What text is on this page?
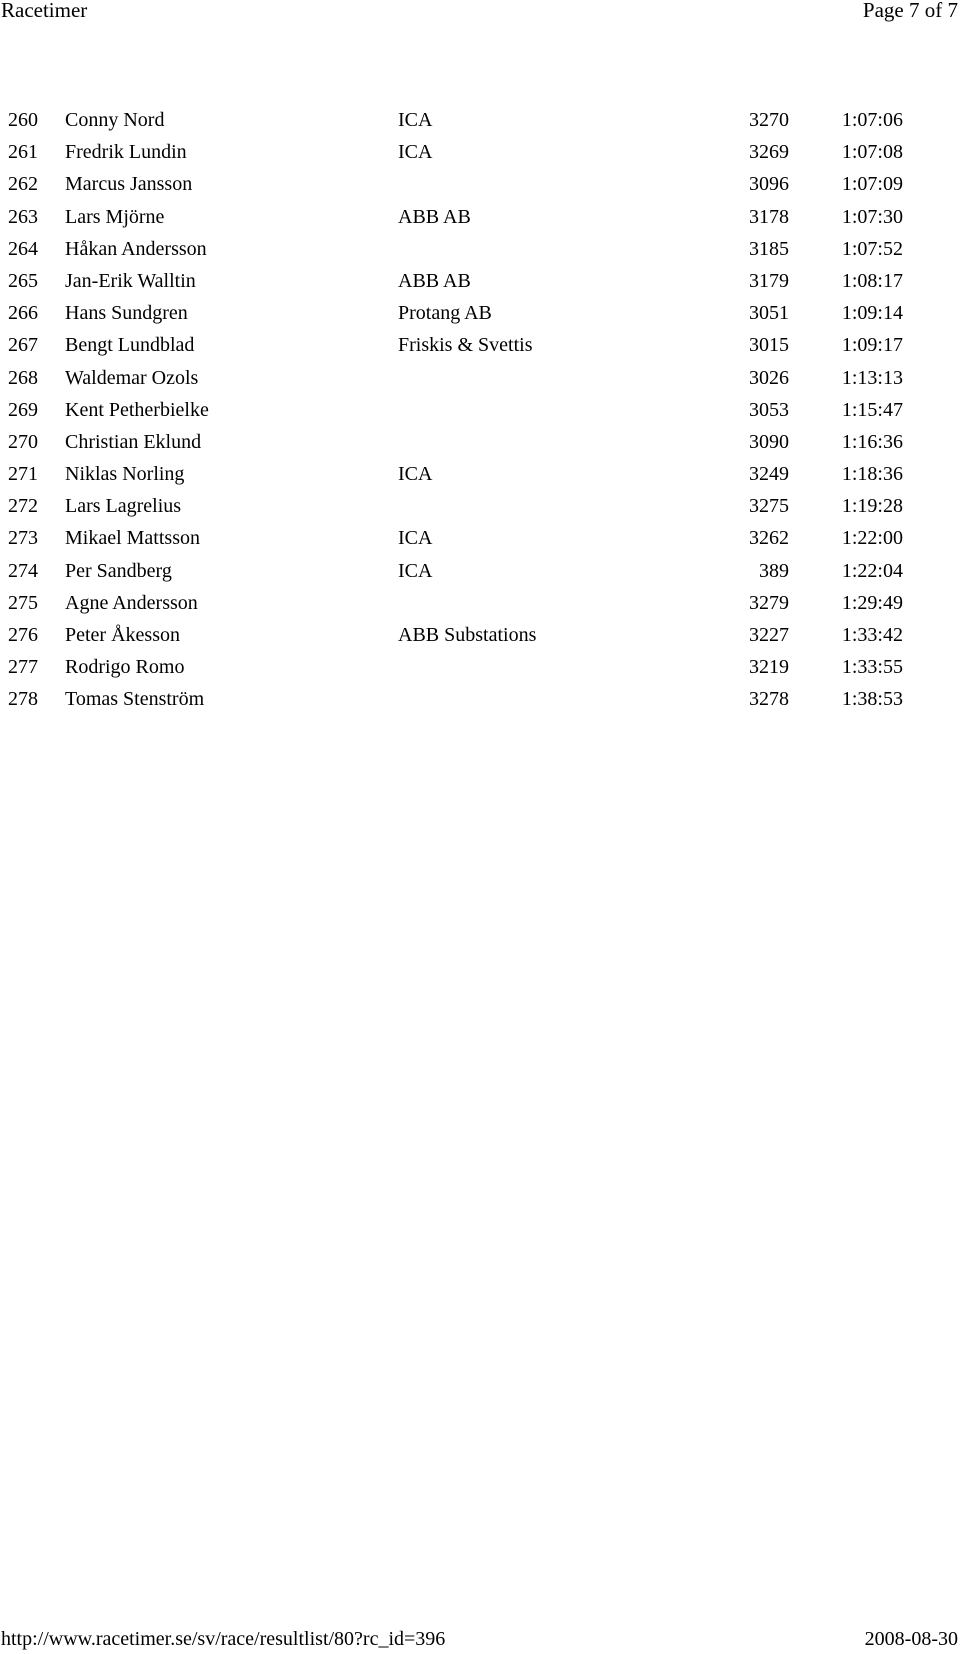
Racetimer	Page 7 of 7
260 Conny Nord	ICA	3270	1:07:06
261 Fredrik Lundin	ICA	3269	1:07:08
262 Marcus Jansson	3096	1:07:09
263 Lars Mjörne	ABB AB	3178	1:07:30
264 Håkan Andersson	3185	1:07:52
265 Jan-Erik Walltin	ABB AB	3179	1:08:17
266 Hans Sundgren	Protang AB	3051	1:09:14
267 Bengt Lundblad	Friskis & Svettis	3015	1:09:17
268 Waldemar Ozols	3026	1:13:13
269 Kent Petherbielke	3053	1:15:47
270 Christian Eklund	3090	1:16:36
271 Niklas Norling	ICA	3249	1:18:36
272 Lars Lagrelius	3275	1:19:28
273 Mikael Mattsson	ICA	3262	1:22:00
274 Per Sandberg	ICA	389	1:22:04
275 Agne Andersson	3279	1:29:49
276 Peter Åkesson	ABB Substations	3227	1:33:42
277 Rodrigo Romo	3219	1:33:55
278 Tomas Stenström	3278	1:38:53
http://www.racetimer.se/sv/race/resultlist/80?rc_id=396	2008-08-30
